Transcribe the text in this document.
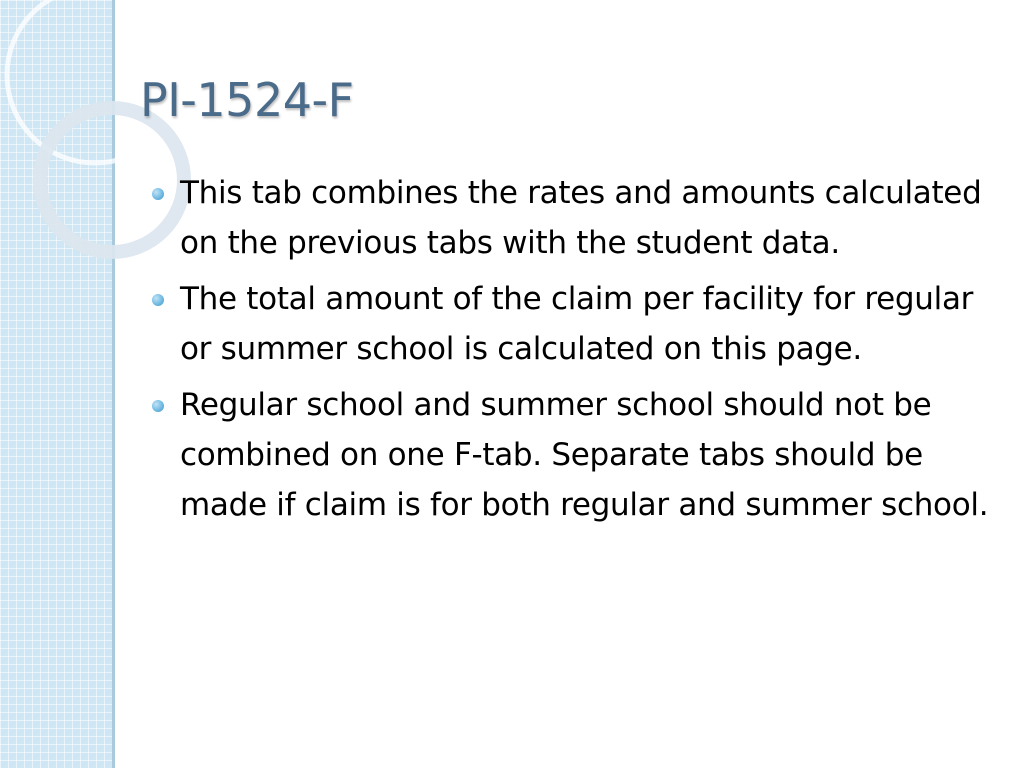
PI-1524-F
This tab combines the rates and amounts calculated on the previous tabs with the student data.
The total amount of the claim per facility for regular or summer school is calculated on this page.
Regular school and summer school should not be combined on one F-tab. Separate tabs should be made if claim is for both regular and summer school.
